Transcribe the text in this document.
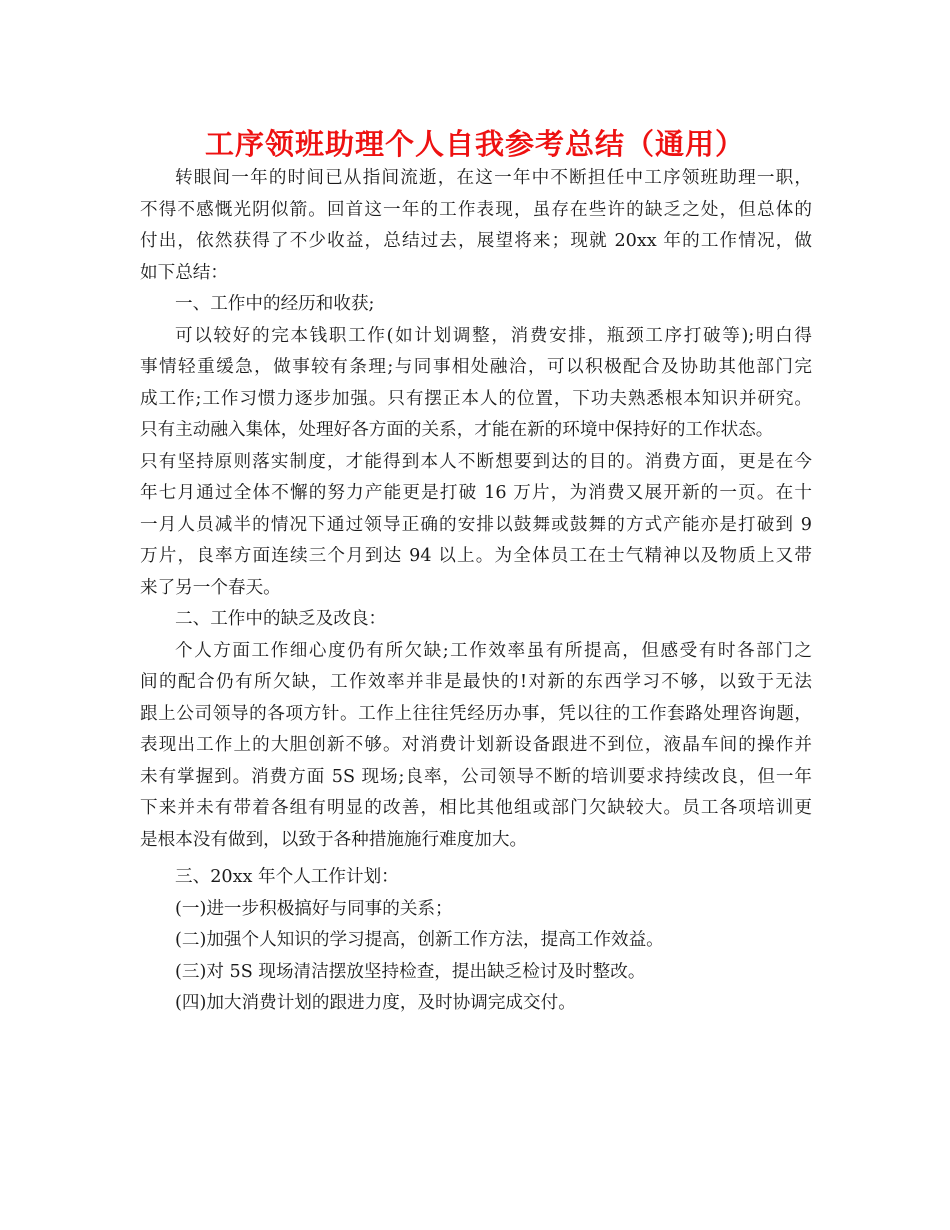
工序领班助理个人自我参考总结（通用）
转眼间一年的时间已从指间流逝，在这一年中不断担任中工序领班助理一职，
不得不感慨光阴似箭。回首这一年的工作表现，虽存在些许的缺乏之处，但总体的
付出，依然获得了不少收益，总结过去，展望将来；现就 20xx 年的工作情况，做
如下总结：
一、工作中的经历和收获;
可以较好的完本钱职工作(如计划调整，消费安排，瓶颈工序打破等);明白得
事情轻重缓急，做事较有条理;与同事相处融洽，可以积极配合及协助其他部门完
成工作;工作习惯力逐步加强。只有摆正本人的位置，下功夫熟悉根本知识并研究。
只有主动融入集体，处理好各方面的关系，才能在新的环境中保持好的工作状态。
只有坚持原则落实制度，才能得到本人不断想要到达的目的。消费方面，更是在今
年七月通过全体不懈的努力产能更是打破 16 万片，为消费又展开新的一页。在十
一月人员减半的情况下通过领导正确的安排以鼓舞或鼓舞的方式产能亦是打破到 9
万片，良率方面连续三个月到达 94 以上。为全体员工在士气精神以及物质上又带
来了另一个春天。
二、工作中的缺乏及改良：
个人方面工作细心度仍有所欠缺;工作效率虽有所提高，但感受有时各部门之
间的配合仍有所欠缺，工作效率并非是最快的!对新的东西学习不够，以致于无法
跟上公司领导的各项方针。工作上往往凭经历办事，凭以往的工作套路处理咨询题，
表现出工作上的大胆创新不够。对消费计划新设备跟进不到位，液晶车间的操作并
未有掌握到。消费方面 5S 现场;良率，公司领导不断的培训要求持续改良，但一年
下来并未有带着各组有明显的改善，相比其他组或部门欠缺较大。员工各项培训更
是根本没有做到，以致于各种措施施行难度加大。
三、20xx 年个人工作计划：
(一)进一步积极搞好与同事的关系；
(二)加强个人知识的学习提高，创新工作方法，提高工作效益。
(三)对 5S 现场清洁摆放坚持检查，提出缺乏检讨及时整改。
(四)加大消费计划的跟进力度，及时协调完成交付。
